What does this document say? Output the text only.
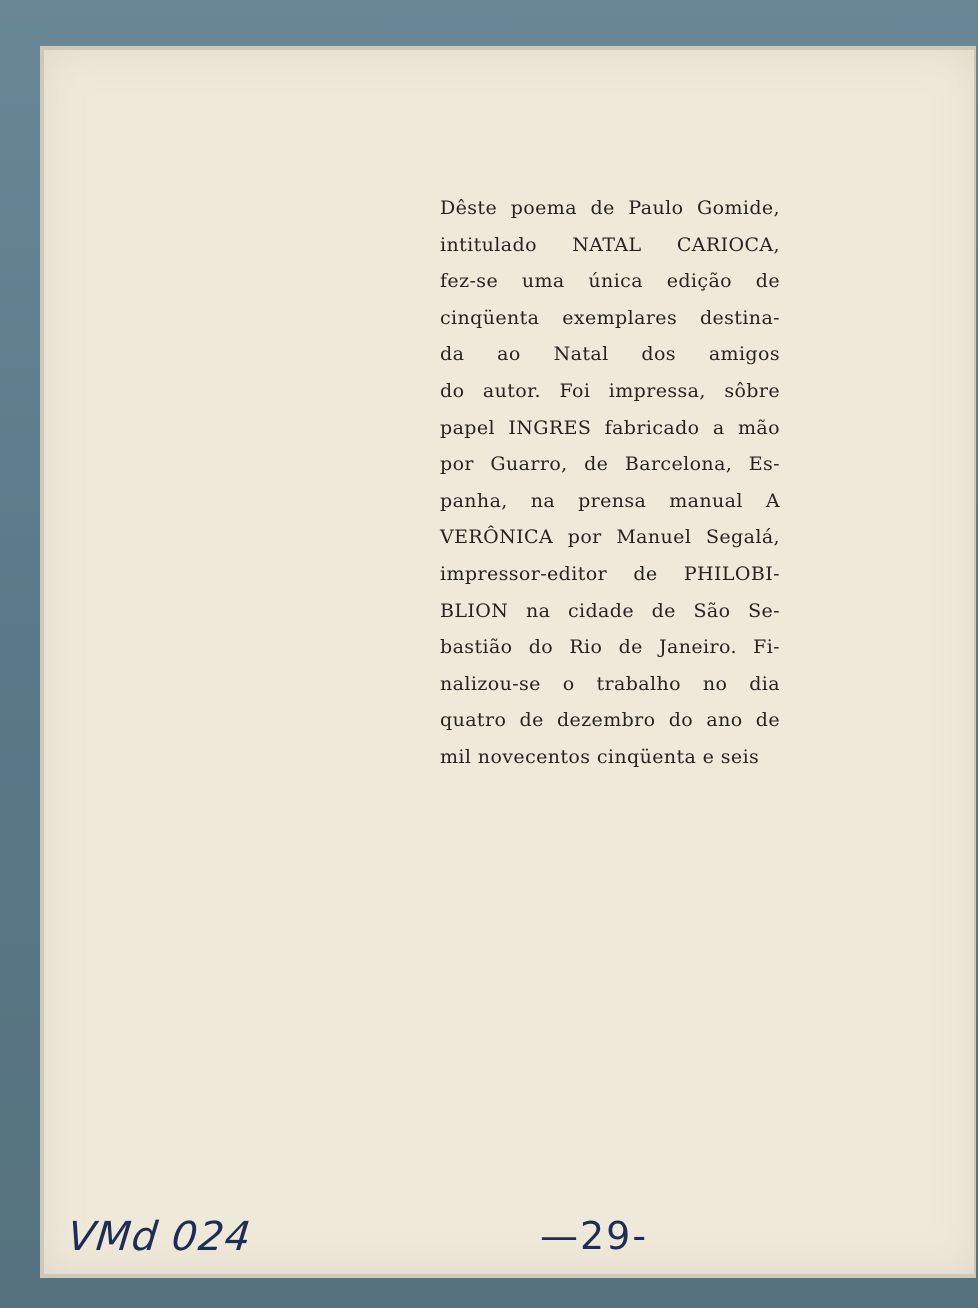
Dêste poema de Paulo Gomide,
intitulado NATAL CARIOCA,
fez-se uma única edição de
cinqüenta exemplares destina-
da ao Natal dos amigos
do autor. Foi impressa, sôbre
papel INGRES fabricado a mão
por Guarro, de Barcelona, Es-
panha, na prensa manual A
VERÔNICA por Manuel Segalá,
impressor-editor de PHILOBI-
BLION na cidade de São Se-
bastião do Rio de Janeiro. Fi-
nalizou-se o trabalho no dia
quatro de dezembro do ano de
mil novecentos cinqüenta e seis
VMd 024	—29-
